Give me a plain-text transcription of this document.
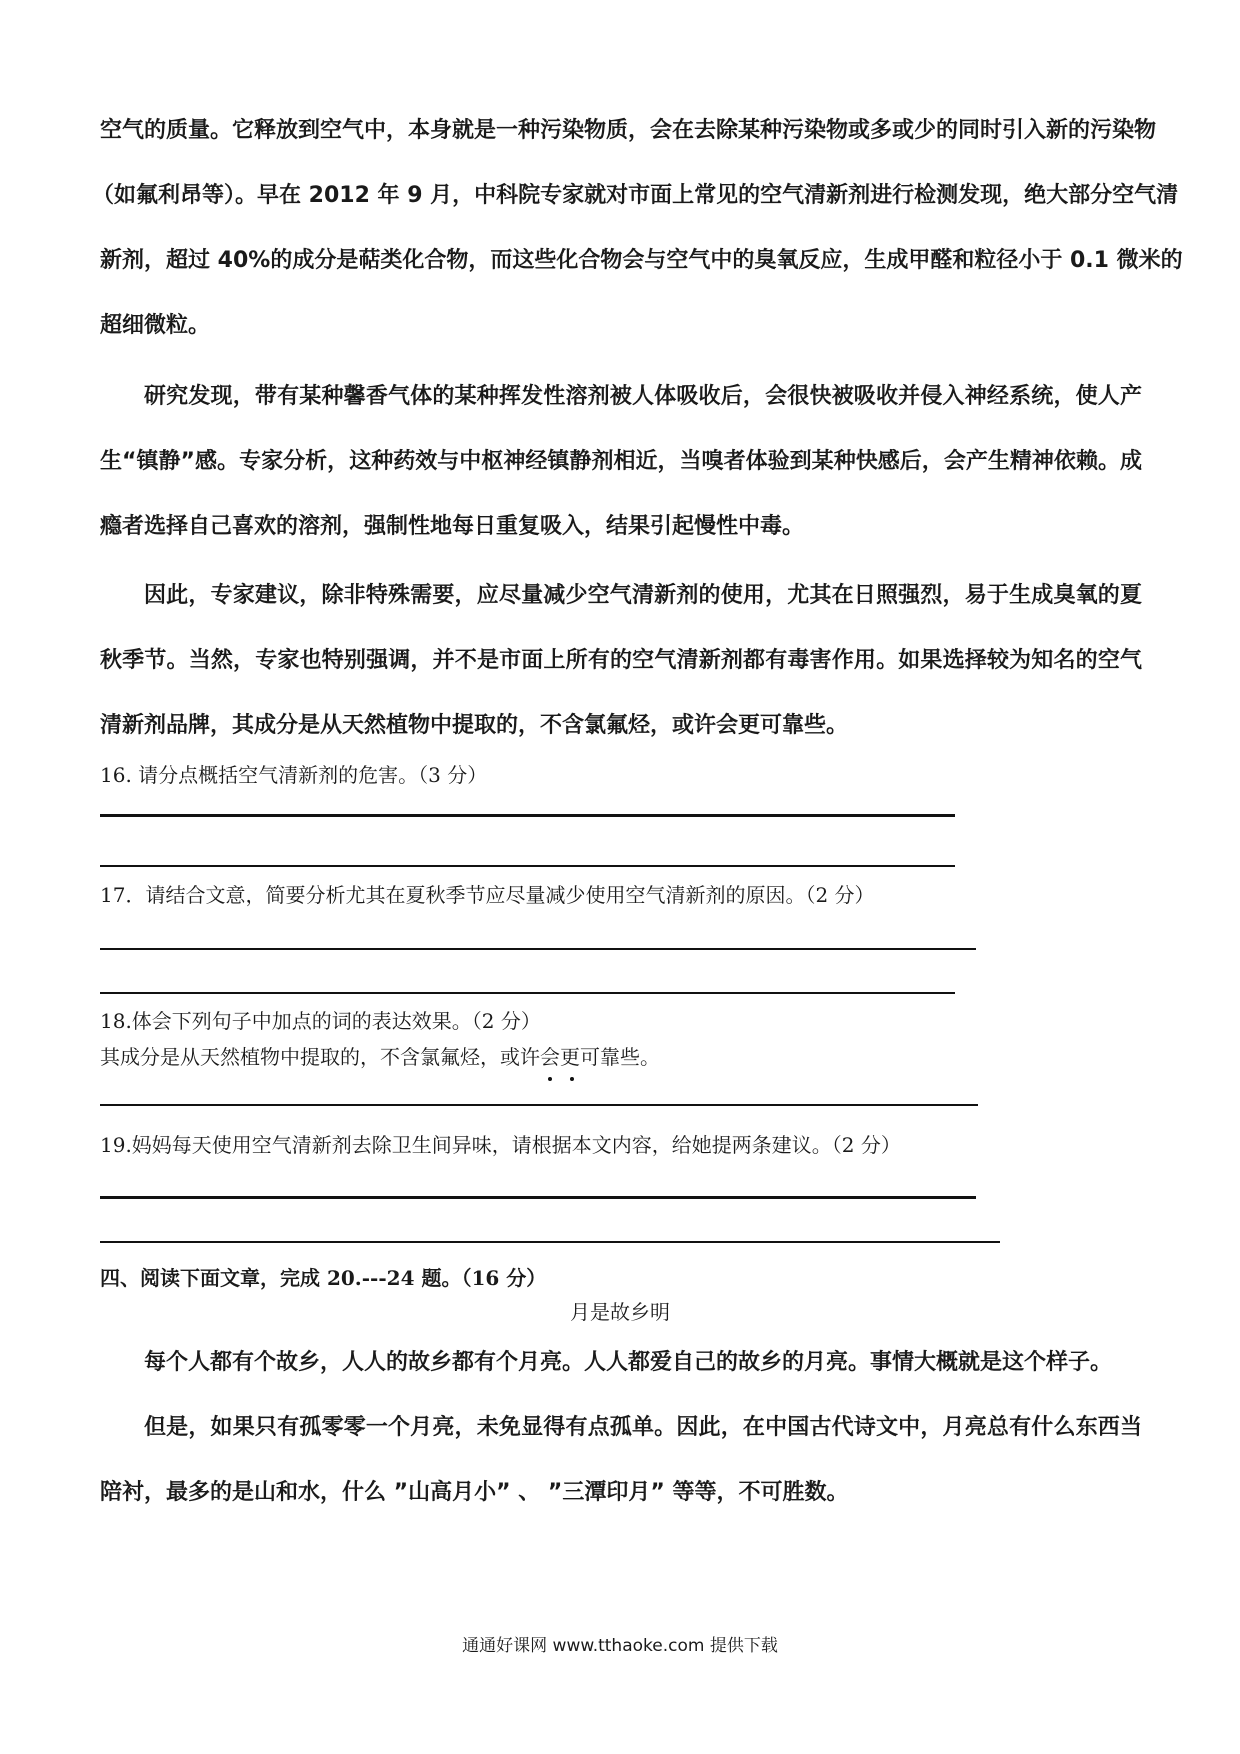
空气的质量。它释放到空气中，本身就是一种污染物质，会在去除某种污染物或多或少的同时引入新的污染物
（如氟利昂等）。早在 2012 年 9 月，中科院专家就对市面上常见的空气清新剂进行检测发现，绝大部分空气清
新剂，超过 40%的成分是萜类化合物，而这些化合物会与空气中的臭氧反应，生成甲醛和粒径小于 0.1 微米的
超细微粒。

研究发现，带有某种馨香气体的某种挥发性溶剂被人体吸收后，会很快被吸收并侵入神经系统，使人产生“镇静”感。专家分析，这种药效与中枢神经镇静剂相近，当嗅者体验到某种快感后，会产生精神依赖。成瘾者选择自己喜欢的溶剂，强制性地每日重复吸入，结果引起慢性中毒。

因此，专家建议，除非特殊需要，应尽量减少空气清新剂的使用，尤其在日照强烈，易于生成臭氧的夏秋季节。当然，专家也特别强调，并不是市面上所有的空气清新剂都有毒害作用。如果选择较为知名的空气清新剂品牌，其成分是从天然植物中提取的，不含氯氟烃，或许会更可靠些。

16. 请分点概括空气清新剂的危害。（3 分）
17．请结合文意，简要分析尤其在夏秋季节应尽量减少使用空气清新剂的原因。（2 分）
18.体会下列句子中加点的词的表达效果。（2 分）
其成分是从天然植物中提取的，不含氯氟烃，或许会更可靠些。
19.妈妈每天使用空气清新剂去除卫生间异味，请根据本文内容，给她提两条建议。（2 分）
四、阅读下面文章，完成 20.---24 题。（16 分）
月是故乡明

每个人都有个故乡，人人的故乡都有个月亮。人人都爱自己的故乡的月亮。事情大概就是这个样子。

但是，如果只有孤零零一个月亮，未免显得有点孤单。因此，在中国古代诗文中，月亮总有什么东西当陪衬，最多的是山和水，什么 ”山高月小” 、 ”三潭印月” 等等，不可胜数。

通通好课网 www.tthaoke.com 提供下载
